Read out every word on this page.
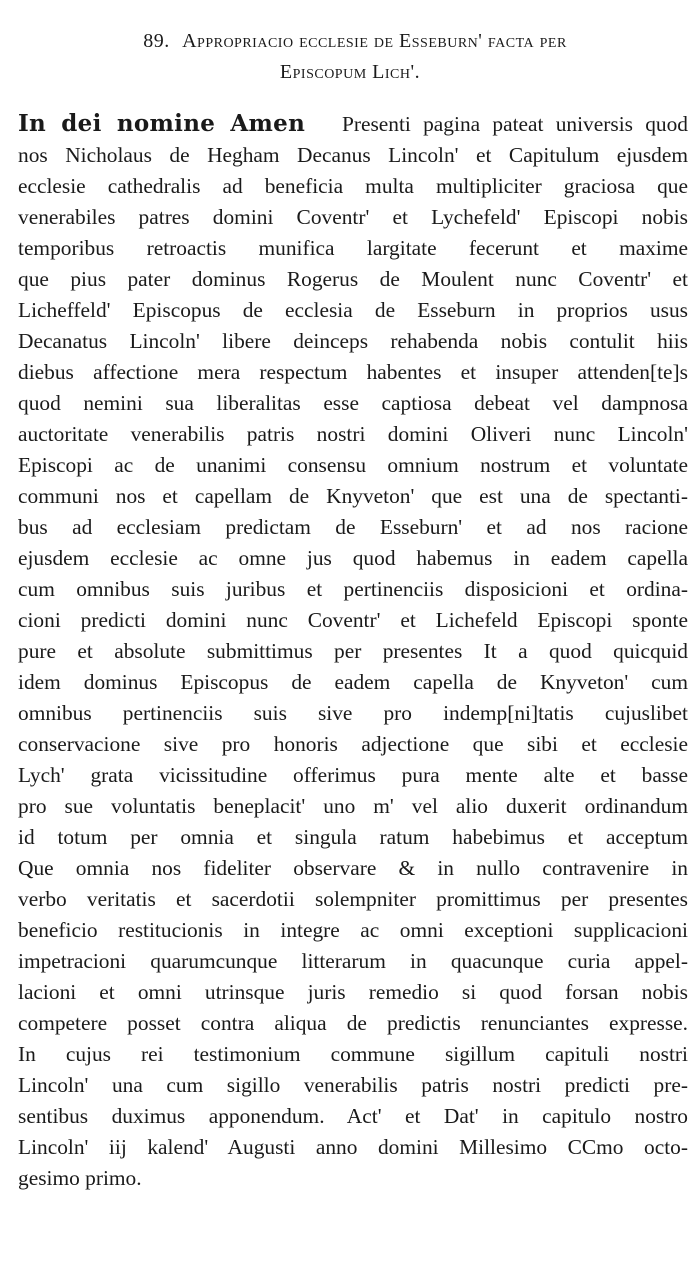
89. Appropriacio ecclesie de Esseburn' facta per
Episcopum Lich'.
In dei nomine Amen Presenti pagina pateat universis quod
nos Nicholaus de Hegham Decanus Lincoln' et Capitulum ejusdem
ecclesie cathedralis ad beneficia multa multipliciter graciosa que
venerabiles patres domini Coventr' et Lychefeld' Episcopi nobis
temporibus retroactis munifica largitate fecerunt et maxime
que pius pater dominus Rogerus de Moulent nunc Coventr' et
Licheffeld' Episcopus de ecclesia de Esseburn in proprios usus
Decanatus Lincoln' libere deinceps rehabenda nobis contulit hiis
diebus affectione mera respectum habentes et insuper attenden[te]s
quod nemini sua liberalitas esse captiosa debeat vel dampnosa
auctoritate venerabilis patris nostri domini Oliveri nunc Lincoln'
Episcopi ac de unanimi consensu omnium nostrum et voluntate
communi nos et capellam de Knyveton' que est una de spectanti-
bus ad ecclesiam predictam de Esseburn' et ad nos racione
ejusdem ecclesie ac omne jus quod habemus in eadem capella
cum omnibus suis juribus et pertinenciis disposicioni et ordina-
cioni predicti domini nunc Coventr' et Lichefeld Episcopi sponte
pure et absolute submittimus per presentes It a quod quicquid
idem dominus Episcopus de eadem capella de Knyveton' cum
omnibus pertinenciis suis sive pro indemp[ni]tatis cujuslibet
conservacione sive pro honoris adjectione que sibi et ecclesie
Lych' grata vicissitudine offerimus pura mente alte et basse
pro sue voluntatis beneplacit' uno m' vel alio duxerit ordinandum
id totum per omnia et singula ratum habebimus et acceptum
Que omnia nos fideliter observare & in nullo contravenire in
verbo veritatis et sacerdotii solempniter promittimus per presentes
beneficio restitucionis in integre ac omni exceptioni supplicacioni
impetracioni quarumcunque litterarum in quacunque curia appel-
lacioni et omni utrinsque juris remedio si quod forsan nobis
competere posset contra aliqua de predictis renunciantes expresse.
In cujus rei testimonium commune sigillum capituli nostri
Lincoln' una cum sigillo venerabilis patris nostri predicti pre-
sentibus duximus apponendum. Act' et Dat' in capitulo nostro
Lincoln' iij kalend' Augusti anno domini Millesimo CCmo octo-
gesimo primo.
